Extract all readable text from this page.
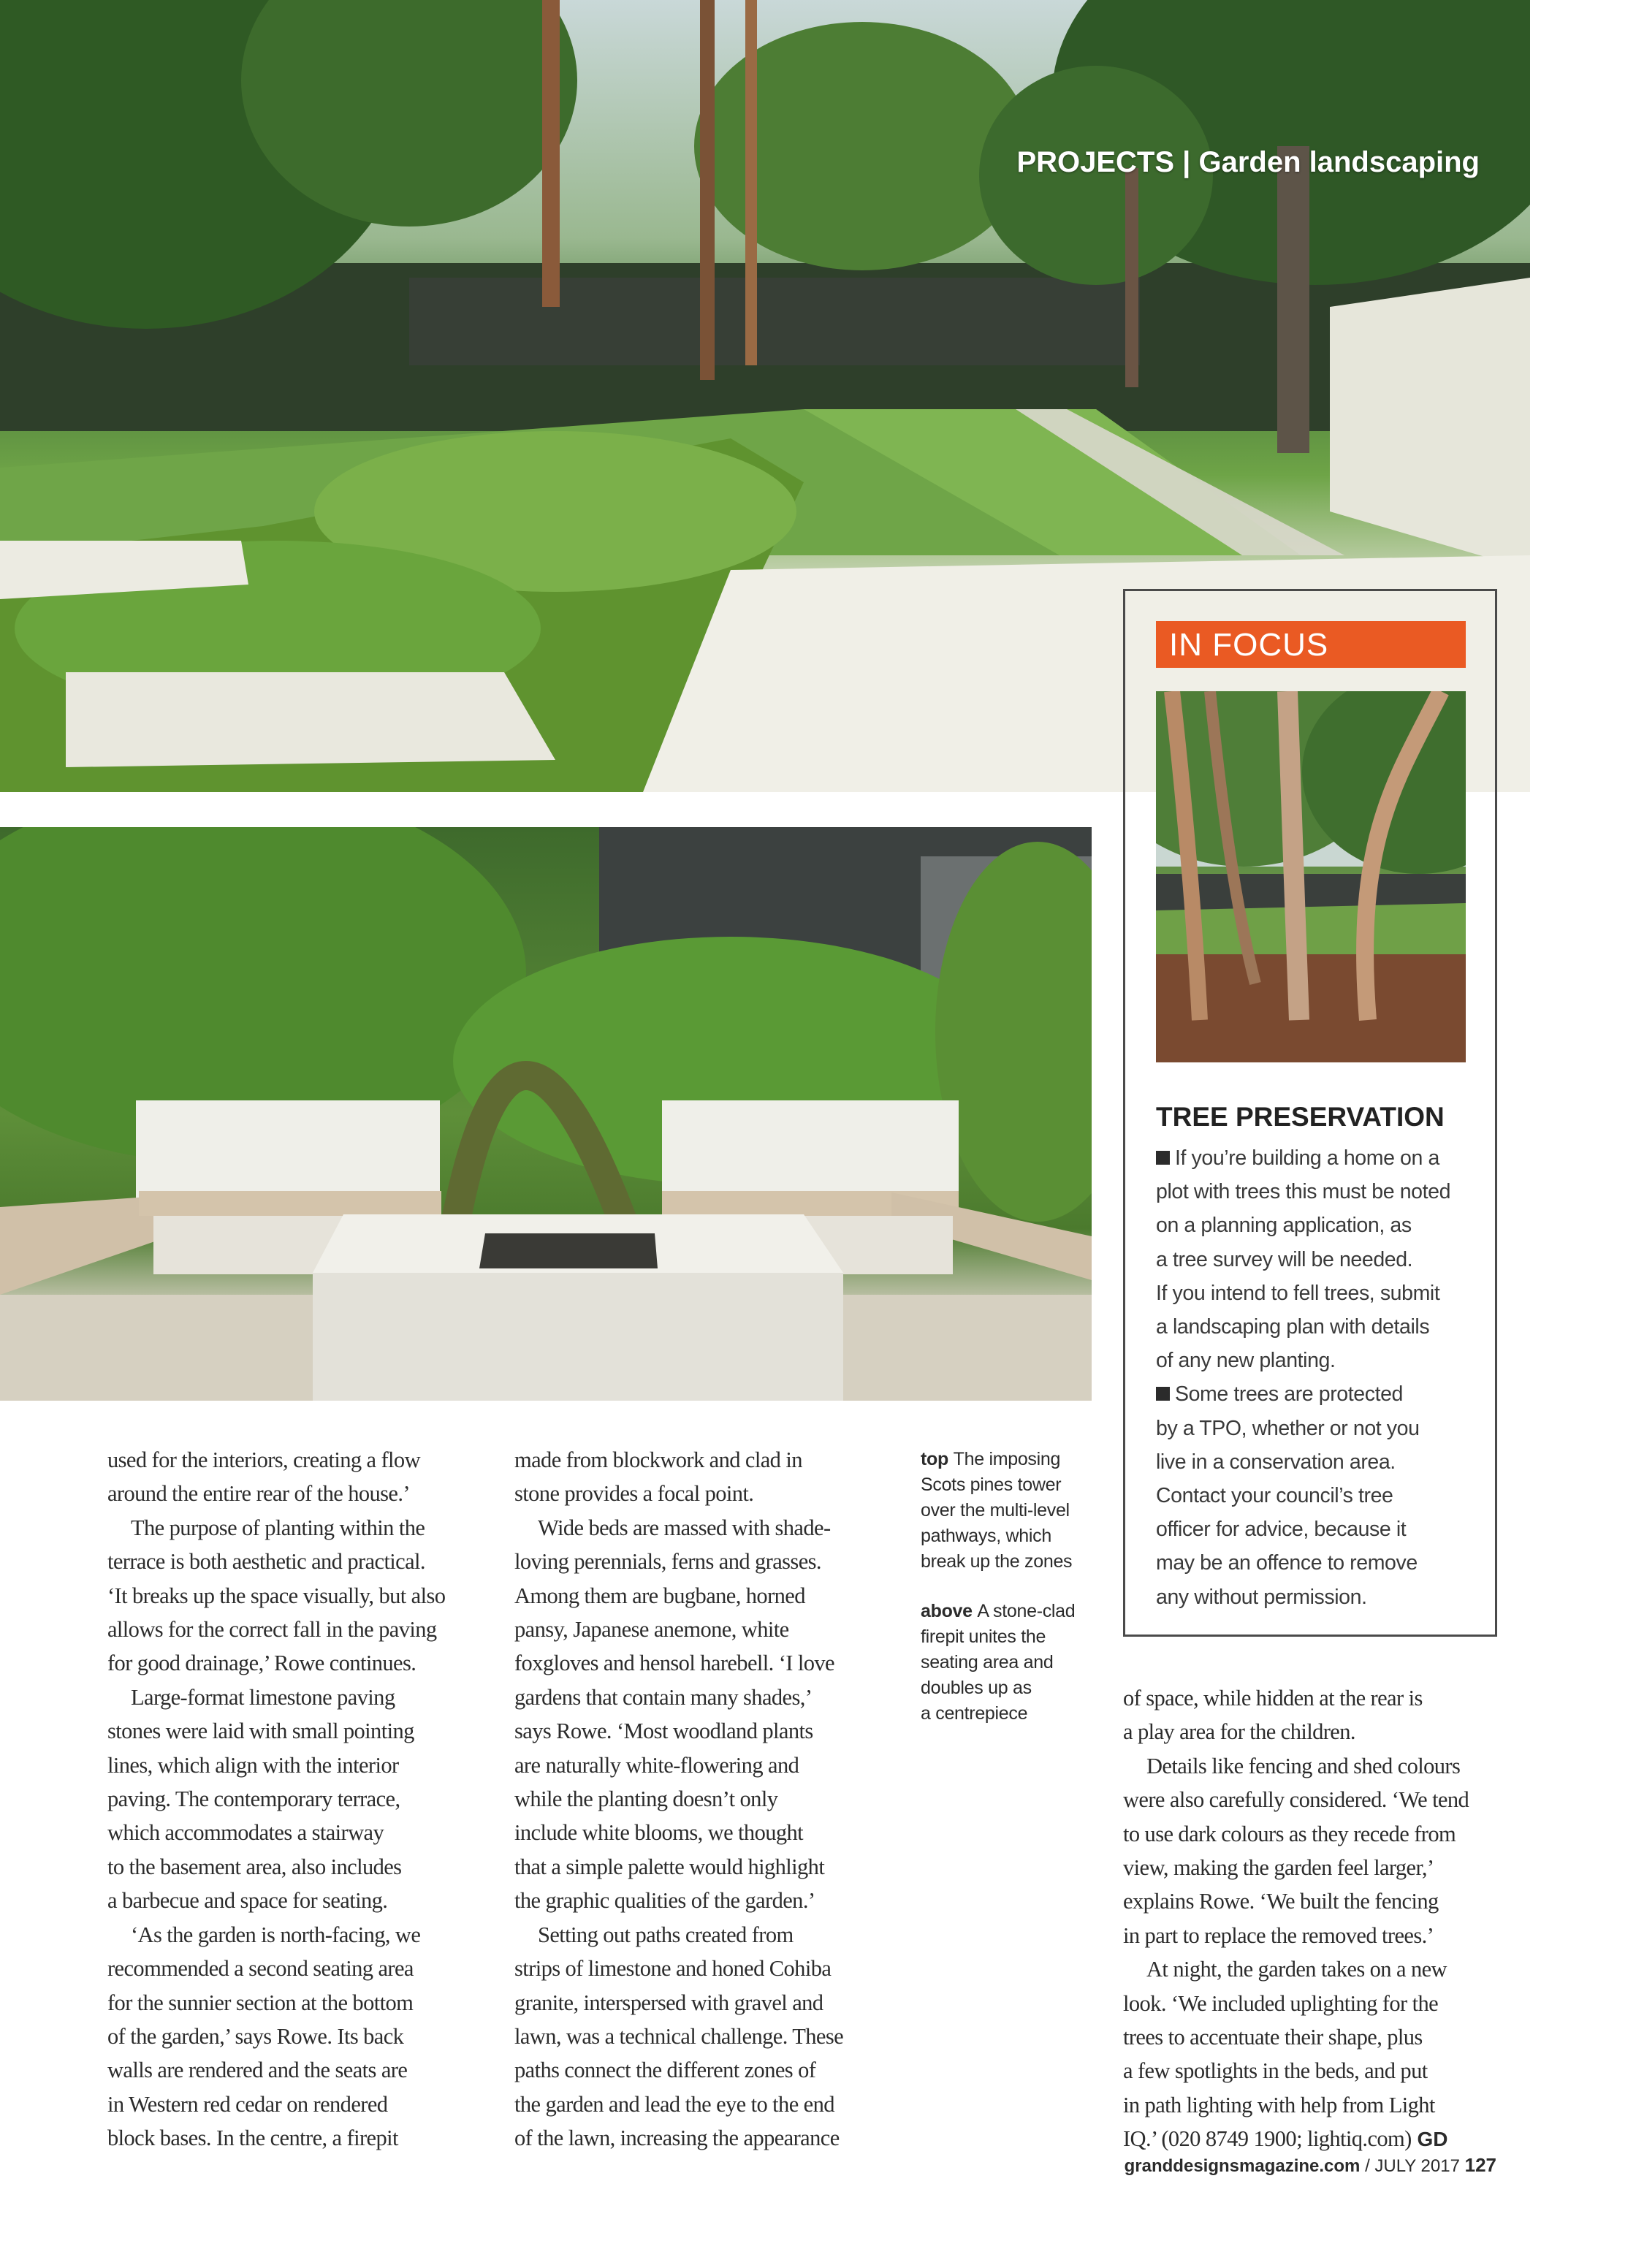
PROJECTS | Garden landscaping
IN FOCUS
TREE PRESERVATION
If you’re building a home on a
plot with trees this must be noted
on a planning application, as
a tree survey will be needed.
If you intend to fell trees, submit
a landscaping plan with details
of any new planting.
Some trees are protected
by a TPO, whether or not you
live in a conservation area.
Contact your council’s tree
officer for advice, because it
may be an offence to remove
any without permission.
used for the interiors, creating a flow
around the entire rear of the house.’
The purpose of planting within the
terrace is both aesthetic and practical.
‘It breaks up the space visually, but also
allows for the correct fall in the paving
for good drainage,’ Rowe continues.
Large-format limestone paving
stones were laid with small pointing
lines, which align with the interior
paving. The contemporary terrace,
which accommodates a stairway
to the basement area, also includes
a barbecue and space for seating.
‘As the garden is north-facing, we
recommended a second seating area
for the sunnier section at the bottom
of the garden,’ says Rowe. Its back
walls are rendered and the seats are
in Western red cedar on rendered
block bases. In the centre, a firepit
made from blockwork and clad in
stone provides a focal point.
Wide beds are massed with shade-
loving perennials, ferns and grasses.
Among them are bugbane, horned
pansy, Japanese anemone, white
foxgloves and hensol harebell. ‘I love
gardens that contain many shades,’
says Rowe. ‘Most woodland plants
are naturally white-flowering and
while the planting doesn’t only
include white blooms, we thought
that a simple palette would highlight
the graphic qualities of the garden.’
Setting out paths created from
strips of limestone and honed Cohiba
granite, interspersed with gravel and
lawn, was a technical challenge. These
paths connect the different zones of
the garden and lead the eye to the end
of the lawn, increasing the appearance
of space, while hidden at the rear is
a play area for the children.
Details like fencing and shed colours
were also carefully considered. ‘We tend
to use dark colours as they recede from
view, making the garden feel larger,’
explains Rowe. ‘We built the fencing
in part to replace the removed trees.’
At night, the garden takes on a new
look. ‘We included uplighting for the
trees to accentuate their shape, plus
a few spotlights in the beds, and put
in path lighting with help from Light
IQ.’ (020 8749 1900; lightiq.com) GD
top The imposing
Scots pines tower
over the multi-level
pathways, which
break up the zones
above A stone-clad
firepit unites the
seating area and
doubles up as
a centrepiece
granddesignsmagazine.com / JULY 2017 127
